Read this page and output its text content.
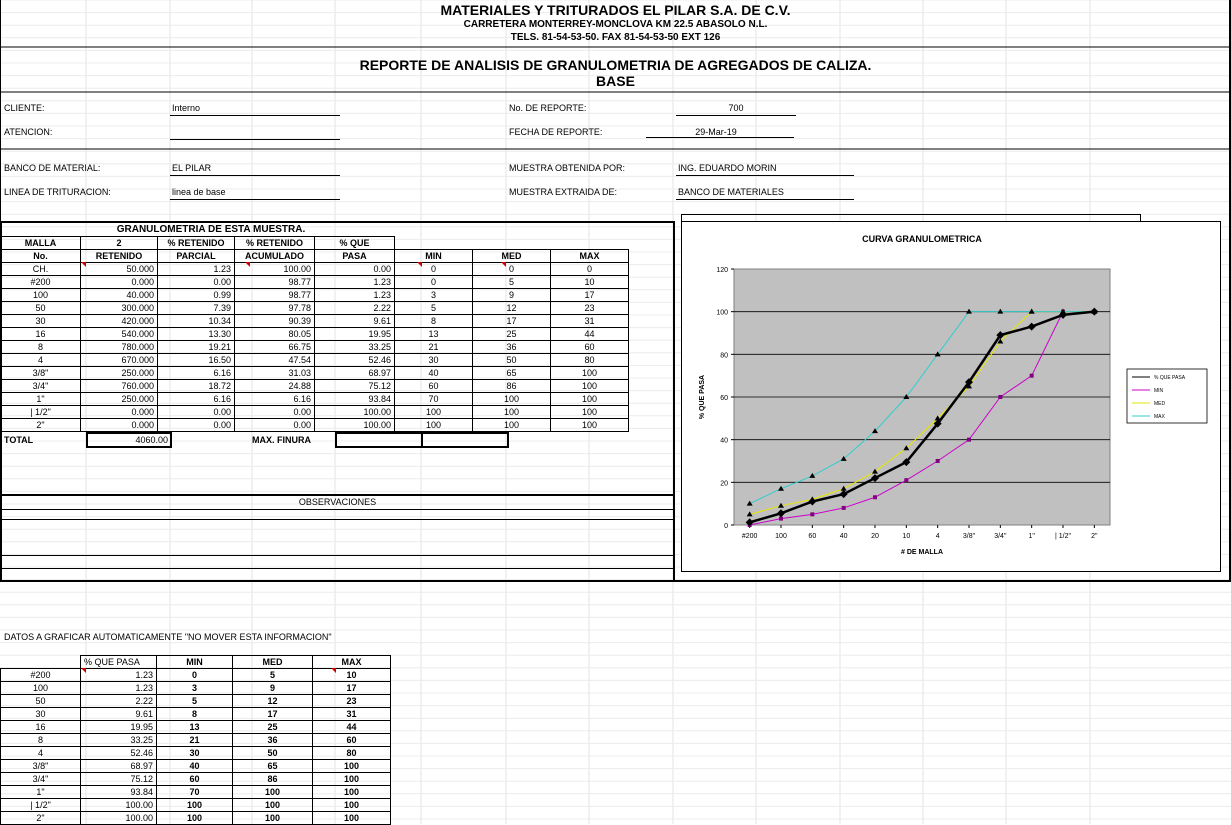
MATERIALES Y TRITURADOS EL PILAR S.A. DE C.V.
CARRETERA MONTERREY-MONCLOVA KM 22.5 ABASOLO N.L.
TELS. 81-54-53-50. FAX 81-54-53-50 EXT 126
REPORTE DE ANALISIS DE GRANULOMETRIA DE AGREGADOS DE CALIZA.
BASE
CLIENTE:	Interno
ATENCION:
No. DE REPORTE:	700
FECHA DE REPORTE:	29-Mar-19
BANCO DE MATERIAL:	EL PILAR
LINEA DE TRITURACION:	linea de base
MUESTRA OBTENIDA POR:	ING. EDUARDO MORIN
MUESTRA EXTRAIDA DE:	BANCO DE MATERIALES
GRANULOMETRIA DE ESTA MUESTRA.
MALLA	2	% RETENIDO	% RETENIDO	% QUE			
No.	RETENIDO	PARCIAL	ACUMULADO	PASA	MIN	MED	MAX
CH.	50.000	1.23	100.00	0.00	0	0	0
#200	0.000	0.00	98.77	1.23	0	5	10
100	40.000	0.99	98.77	1.23	3	9	17
50	300.000	7.39	97.78	2.22	5	12	23
30	420.000	10.34	90.39	9.61	8	17	31
16	540.000	13.30	80.05	19.95	13	25	44
8	780.000	19.21	66.75	33.25	21	36	60
4	670.000	16.50	47.54	52.46	30	50	80
3/8"	250.000	6.16	31.03	68.97	40	65	100
3/4"	760.000	18.72	24.88	75.12	60	86	100
1"	250.000	6.16	6.16	93.84	70	100	100
| 1/2"	0.000	0.00	0.00	100.00	100	100	100
2"	0.000	0.00	0.00	100.00	100	100	100
TOTAL	4060.00	MAX. FINURA
OBSERVACIONES
0
20
40
60
80
100
120
#200	100	60	40	20	10	4	3/8"	3/4"	1"	| 1/2"	2"
CURVA GRANULOMETRICA
# DE MALLA
% QUE PASA	% QUE PASA
MIN
MED
MAX
DATOS A GRAFICAR AUTOMATICAMENTE "NO MOVER ESTA INFORMACION"
	% QUE PASA	MIN	MED	MAX
#200	1.23	0	5	10
100	1.23	3	9	17
50	2.22	5	12	23
30	9.61	8	17	31
16	19.95	13	25	44
8	33.25	21	36	60
4	52.46	30	50	80
3/8"	68.97	40	65	100
3/4"	75.12	60	86	100
1"	93.84	70	100	100
| 1/2"	100.00	100	100	100
2"	100.00	100	100	100
